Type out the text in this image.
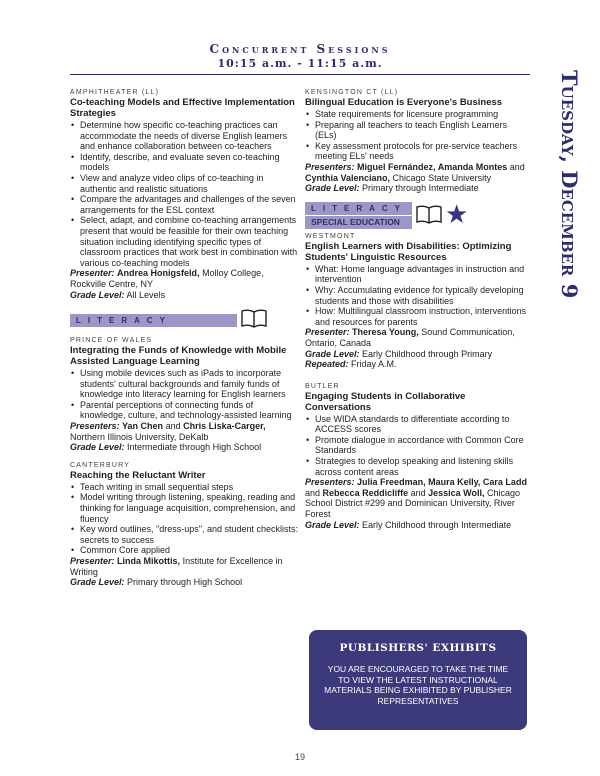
Concurrent Sessions
10:15 a.m. - 11:15 a.m.
Tuesday, December 9
AMPHITHEATER (LL)
Co-teaching Models and Effective Implementation Strategies
• Determine how specific co-teaching practices can accommodate the needs of diverse English learners and enhance collaboration between co-teachers
• Identify, describe, and evaluate seven co-teaching models
• View and analyze video clips of co-teaching in authentic and realistic situations
• Compare the advantages and challenges of the seven arrangements for the ESL context
• Select, adapt, and combine co-teaching arrangements present that would be feasible for their own teaching situation including identifying specific types of classroom practices that work best in combination with various co-teaching models
Presenter: Andrea Honigsfeld, Molloy College, Rockville Centre, NY
Grade Level: All Levels
LITERACY
PRINCE OF WALES
Integrating the Funds of Knowledge with Mobile Assisted Language Learning
• Using mobile devices such as iPads to incorporate students' cultural backgrounds and family funds of knowledge into literacy learning for English learners
• Parental perceptions of connecting funds of knowledge, culture, and technology-assisted learning
Presenters: Yan Chen and Chris Liska-Carger, Northern Illinois University, DeKalb
Grade Level: Intermediate through High School
CANTERBURY
Reaching the Reluctant Writer
• Teach writing in small sequential steps
• Model writing through listening, speaking, reading and thinking for language acquisition, comprehension, and fluency
• Key word outlines, "dress-ups", and student checklists: secrets to success
• Common Core applied
Presenter: Linda Mikottis, Institute for Excellence in Writing
Grade Level: Primary through High School
KENSINGTON CT (LL)
Bilingual Education is Everyone's Business
• State requirements for licensure programming
• Preparing all teachers to teach English Learners (ELs)
• Key assessment protocols for pre-service teachers meeting ELs' needs
Presenters: Miguel Fernández, Amanda Montes and Cynthia Valenciano, Chicago State University
Grade Level: Primary through Intermediate
LITERACY
SPECIAL EDUCATION	★
WESTMONT
English Learners with Disabilities: Optimizing Students' Linguistic Resources
• What: Home language advantages in instruction and intervention
• Why: Accumulating evidence for typically developing students and those with disabilities
• How: Multilingual classroom instruction, interventions and resources for parents
Presenter: Theresa Young, Sound Communication, Ontario, Canada
Grade Level: Early Childhood through Primary
Repeated: Friday A.M.
BUTLER
Engaging Students in Collaborative Conversations
• Use WIDA standards to differentiate according to ACCESS scores
• Promote dialogue in accordance with Common Core Standards
• Strategies to develop speaking and listening skills across content areas
Presenters: Julia Freedman, Maura Kelly, Cara Ladd and Rebecca Reddicliffe and Jessica Woll, Chicago School District #299 and Dominican University, River Forest
Grade Level: Early Childhood through Intermediate
PUBLISHERS' EXHIBITS
YOU ARE ENCOURAGED TO TAKE THE TIME TO VIEW THE LATEST INSTRUCTIONAL MATERIALS BEING EXHIBITED BY PUBLISHER REPRESENTATIVES
19
